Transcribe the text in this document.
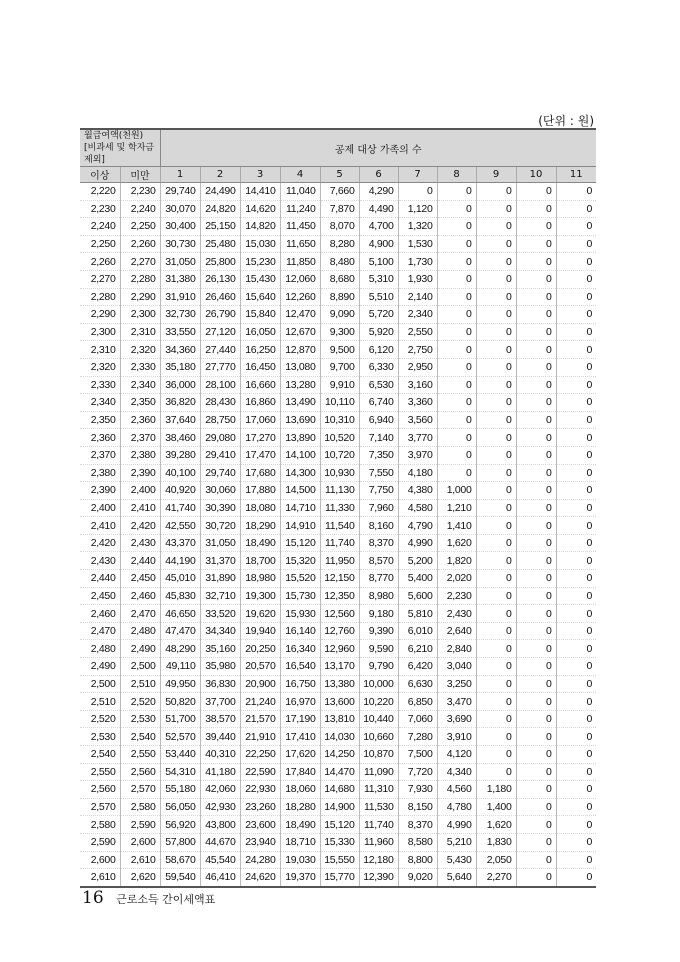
(단위 : 원)
월급여액(천원)
[비과세 및 학자금 제외]		공제 대상 가족의 수										
이상	미만	1	2	3	4	5	6	7	8	9	10	11
2,220	2,230	29,740	24,490	14,410	11,040	7,660	4,290	0	0	0	0	0
2,230	2,240	30,070	24,820	14,620	11,240	7,870	4,490	1,120	0	0	0	0
2,240	2,250	30,400	25,150	14,820	11,450	8,070	4,700	1,320	0	0	0	0
2,250	2,260	30,730	25,480	15,030	11,650	8,280	4,900	1,530	0	0	0	0
2,260	2,270	31,050	25,800	15,230	11,850	8,480	5,100	1,730	0	0	0	0
2,270	2,280	31,380	26,130	15,430	12,060	8,680	5,310	1,930	0	0	0	0
2,280	2,290	31,910	26,460	15,640	12,260	8,890	5,510	2,140	0	0	0	0
2,290	2,300	32,730	26,790	15,840	12,470	9,090	5,720	2,340	0	0	0	0
2,300	2,310	33,550	27,120	16,050	12,670	9,300	5,920	2,550	0	0	0	0
2,310	2,320	34,360	27,440	16,250	12,870	9,500	6,120	2,750	0	0	0	0
2,320	2,330	35,180	27,770	16,450	13,080	9,700	6,330	2,950	0	0	0	0
2,330	2,340	36,000	28,100	16,660	13,280	9,910	6,530	3,160	0	0	0	0
2,340	2,350	36,820	28,430	16,860	13,490	10,110	6,740	3,360	0	0	0	0
2,350	2,360	37,640	28,750	17,060	13,690	10,310	6,940	3,560	0	0	0	0
2,360	2,370	38,460	29,080	17,270	13,890	10,520	7,140	3,770	0	0	0	0
2,370	2,380	39,280	29,410	17,470	14,100	10,720	7,350	3,970	0	0	0	0
2,380	2,390	40,100	29,740	17,680	14,300	10,930	7,550	4,180	0	0	0	0
2,390	2,400	40,920	30,060	17,880	14,500	11,130	7,750	4,380	1,000	0	0	0
2,400	2,410	41,740	30,390	18,080	14,710	11,330	7,960	4,580	1,210	0	0	0
2,410	2,420	42,550	30,720	18,290	14,910	11,540	8,160	4,790	1,410	0	0	0
2,420	2,430	43,370	31,050	18,490	15,120	11,740	8,370	4,990	1,620	0	0	0
2,430	2,440	44,190	31,370	18,700	15,320	11,950	8,570	5,200	1,820	0	0	0
2,440	2,450	45,010	31,890	18,980	15,520	12,150	8,770	5,400	2,020	0	0	0
2,450	2,460	45,830	32,710	19,300	15,730	12,350	8,980	5,600	2,230	0	0	0
2,460	2,470	46,650	33,520	19,620	15,930	12,560	9,180	5,810	2,430	0	0	0
2,470	2,480	47,470	34,340	19,940	16,140	12,760	9,390	6,010	2,640	0	0	0
2,480	2,490	48,290	35,160	20,250	16,340	12,960	9,590	6,210	2,840	0	0	0
2,490	2,500	49,110	35,980	20,570	16,540	13,170	9,790	6,420	3,040	0	0	0
2,500	2,510	49,950	36,830	20,900	16,750	13,380	10,000	6,630	3,250	0	0	0
2,510	2,520	50,820	37,700	21,240	16,970	13,600	10,220	6,850	3,470	0	0	0
2,520	2,530	51,700	38,570	21,570	17,190	13,810	10,440	7,060	3,690	0	0	0
2,530	2,540	52,570	39,440	21,910	17,410	14,030	10,660	7,280	3,910	0	0	0
2,540	2,550	53,440	40,310	22,250	17,620	14,250	10,870	7,500	4,120	0	0	0
2,550	2,560	54,310	41,180	22,590	17,840	14,470	11,090	7,720	4,340	0	0	0
2,560	2,570	55,180	42,060	22,930	18,060	14,680	11,310	7,930	4,560	1,180	0	0
2,570	2,580	56,050	42,930	23,260	18,280	14,900	11,530	8,150	4,780	1,400	0	0
2,580	2,590	56,920	43,800	23,600	18,490	15,120	11,740	8,370	4,990	1,620	0	0
2,590	2,600	57,800	44,670	23,940	18,710	15,330	11,960	8,580	5,210	1,830	0	0
2,600	2,610	58,670	45,540	24,280	19,030	15,550	12,180	8,800	5,430	2,050	0	0
2,610	2,620	59,540	46,410	24,620	19,370	15,770	12,390	9,020	5,640	2,270	0	0
16 근로소득 간이세액표
